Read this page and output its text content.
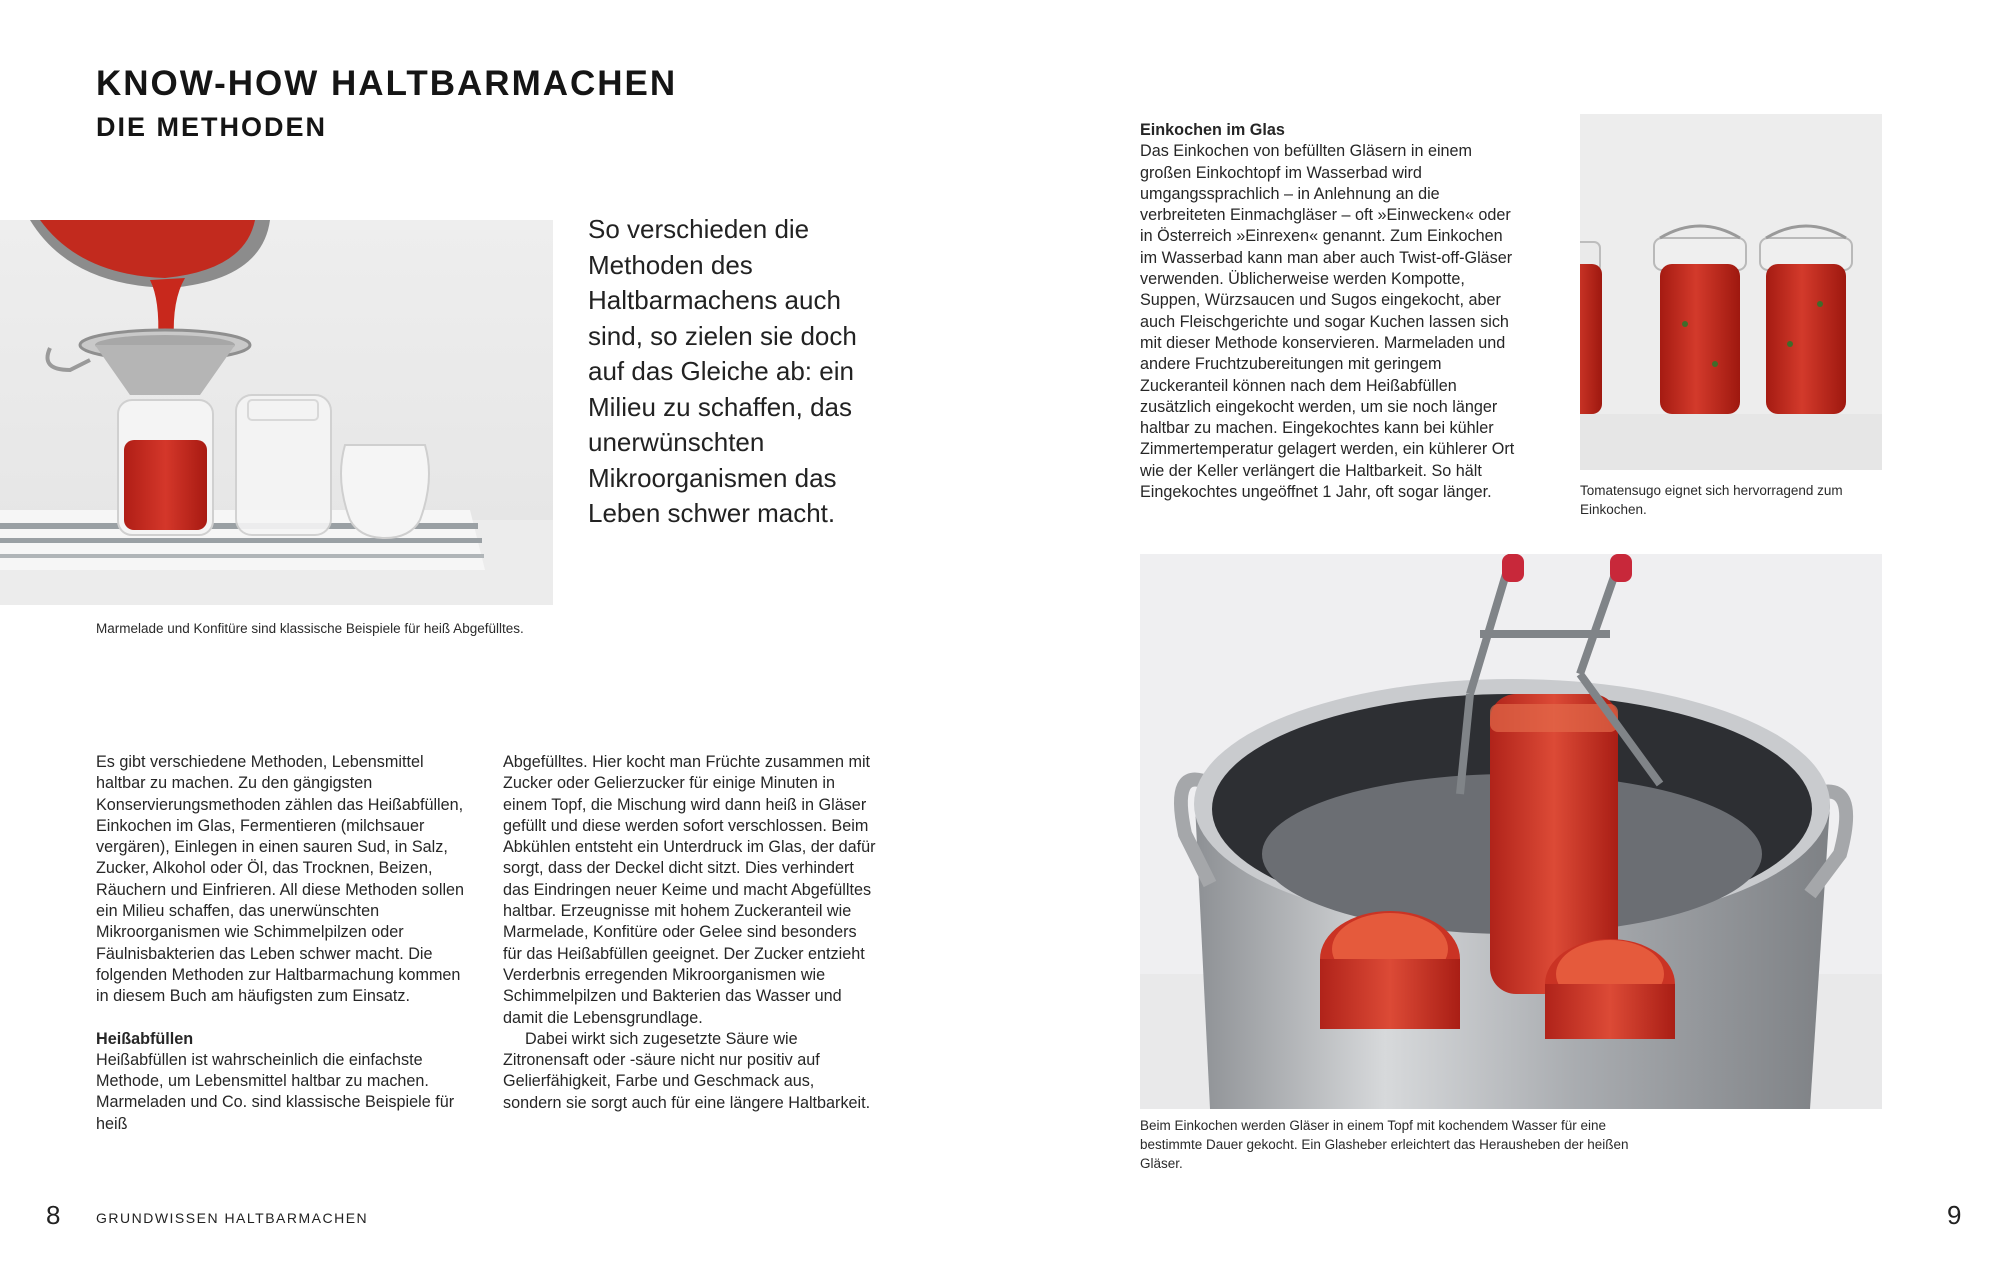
KNOW-HOW HALTBARMACHEN
DIE METHODEN
Marmelade und Konfitüre sind klassische Beispiele für heiß Abgefülltes.
So verschieden die Methoden des Haltbarmachens auch sind, so zielen sie doch auf das Gleiche ab: ein Milieu zu schaffen, das unerwünschten Mikroorganismen das Leben schwer macht.

Es gibt verschiedene Methoden, Lebensmittel haltbar zu machen. Zu den gängigsten Konservierungsmethoden zählen das Heißabfüllen, Einkochen im Glas, Fermentieren (milchsauer vergären), Einlegen in einen sauren Sud, in Salz, Zucker, Alkohol oder Öl, das Trocknen, Beizen, Räuchern und Einfrieren. All diese Methoden sollen ein Milieu schaffen, das unerwünschten Mikroorganismen wie Schimmelpilzen oder Fäulnisbakterien das Leben schwer macht. Die folgenden Methoden zur Haltbarmachung kommen in diesem Buch am häufigsten zum Einsatz.

Heißabfüllen

Heißabfüllen ist wahrscheinlich die einfachste Methode, um Lebensmittel haltbar zu machen. Marmeladen und Co. sind klassische Beispiele für heiß

Abgefülltes. Hier kocht man Früchte zusammen mit Zucker oder Gelierzucker für einige Minuten in einem Topf, die Mischung wird dann heiß in Gläser gefüllt und diese werden sofort verschlossen. Beim Abkühlen entsteht ein Unterdruck im Glas, der dafür sorgt, dass der Deckel dicht sitzt. Dies verhindert das Eindringen neuer Keime und macht Abgefülltes haltbar. Erzeugnisse mit hohem Zuckeranteil wie Marmelade, Konfitüre oder Gelee sind besonders für das Heißabfüllen geeignet. Der Zucker entzieht Verderbnis erregenden Mikroorganismen wie Schimmelpilzen und Bakterien das Wasser und damit die Lebensgrundlage.

Dabei wirkt sich zugesetzte Säure wie Zitronensaft oder -säure nicht nur positiv auf Gelierfähigkeit, Farbe und Geschmack aus, sondern sie sorgt auch für eine längere Haltbarkeit.

Einkochen im Glas

Das Einkochen von befüllten Gläsern in einem großen Einkochtopf im Wasserbad wird umgangssprachlich – in Anlehnung an die verbreiteten Einmachgläser – oft »Einwecken« oder in Österreich »Einrexen« genannt. Zum Einkochen im Wasserbad kann man aber auch Twist-off-Gläser verwenden. Üblicherweise werden Kompotte, Suppen, Würzsaucen und Sugos eingekocht, aber auch Fleischgerichte und sogar Kuchen lassen sich mit dieser Methode konservieren. Marmeladen und andere Fruchtzubereitungen mit geringem Zuckeranteil können nach dem Heißabfüllen zusätzlich eingekocht werden, um sie noch länger haltbar zu machen. Eingekochtes kann bei kühler Zimmertemperatur gelagert werden, ein kühlerer Ort wie der Keller verlängert die Haltbarkeit. So hält Eingekochtes ungeöffnet 1 Jahr, oft sogar länger.	Tomatensugo eignet sich hervorragend zum Einkochen.
Beim Einkochen werden Gläser in einem Topf mit kochendem Wasser für eine bestimmte Dauer gekocht. Ein Glasheber erleichtert das Herausheben der heißen Gläser.
8	GRUNDWISSEN HALTBARMACHEN	9
